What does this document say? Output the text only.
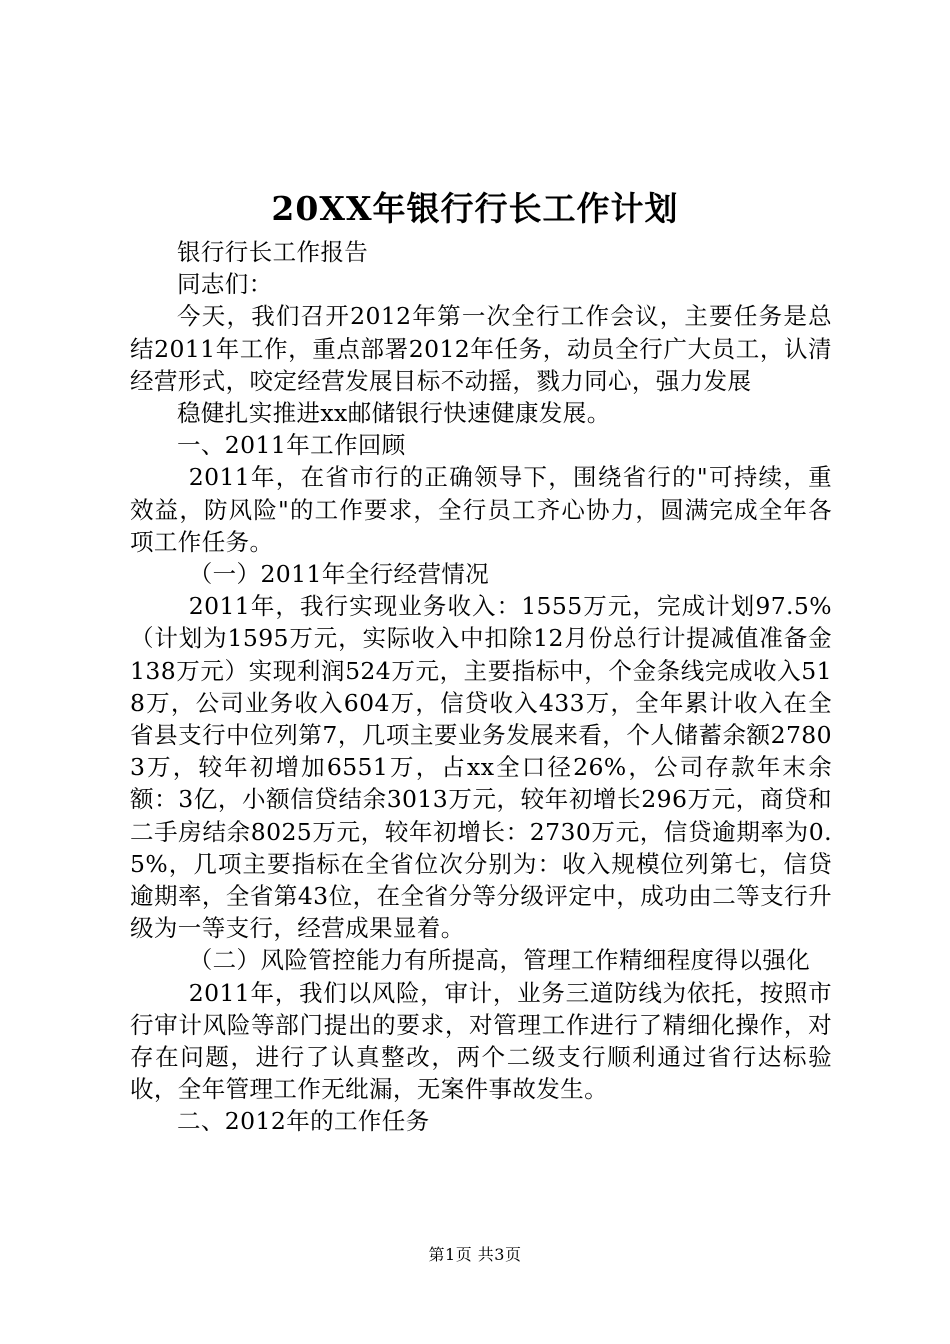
20XX年银行行长工作计划

银行行长工作报告

同志们：

今天，我们召开2012年第一次全行工作会议，主要任务是总结2011年工作，重点部署2012年任务，动员全行广大员工，认清经营形式，咬定经营发展目标不动摇，戮力同心，强力发展

稳健扎实推进xx邮储银行快速健康发展。

一、2011年工作回顾

2011年，在省市行的正确领导下，围绕省行的"可持续，重效益，防风险"的工作要求，全行员工齐心协力，圆满完成全年各项工作任务。

（一）2011年全行经营情况

2011年，我行实现业务收入：1555万元，完成计划97.5%（计划为1595万元，实际收入中扣除12月份总行计提减值准备金138万元）实现利润524万元，主要指标中，个金条线完成收入518万，公司业务收入604万，信贷收入433万，全年累计收入在全省县支行中位列第7，几项主要业务发展来看，个人储蓄余额27803万，较年初增加6551万，占xx全口径26%，公司存款年末余额：3亿，小额信贷结余3013万元，较年初增长296万元，商贷和二手房结余8025万元，较年初增长：2730万元，信贷逾期率为0.5%，几项主要指标在全省位次分别为：收入规模位列第七，信贷逾期率，全省第43位，在全省分等分级评定中，成功由二等支行升级为一等支行，经营成果显着。

（二）风险管控能力有所提高，管理工作精细程度得以强化

2011年，我们以风险，审计，业务三道防线为依托，按照市行审计风险等部门提出的要求，对管理工作进行了精细化操作，对存在问题，进行了认真整改，两个二级支行顺利通过省行达标验收，全年管理工作无纰漏，无案件事故发生。

二、2012年的工作任务

第1页 共3页
